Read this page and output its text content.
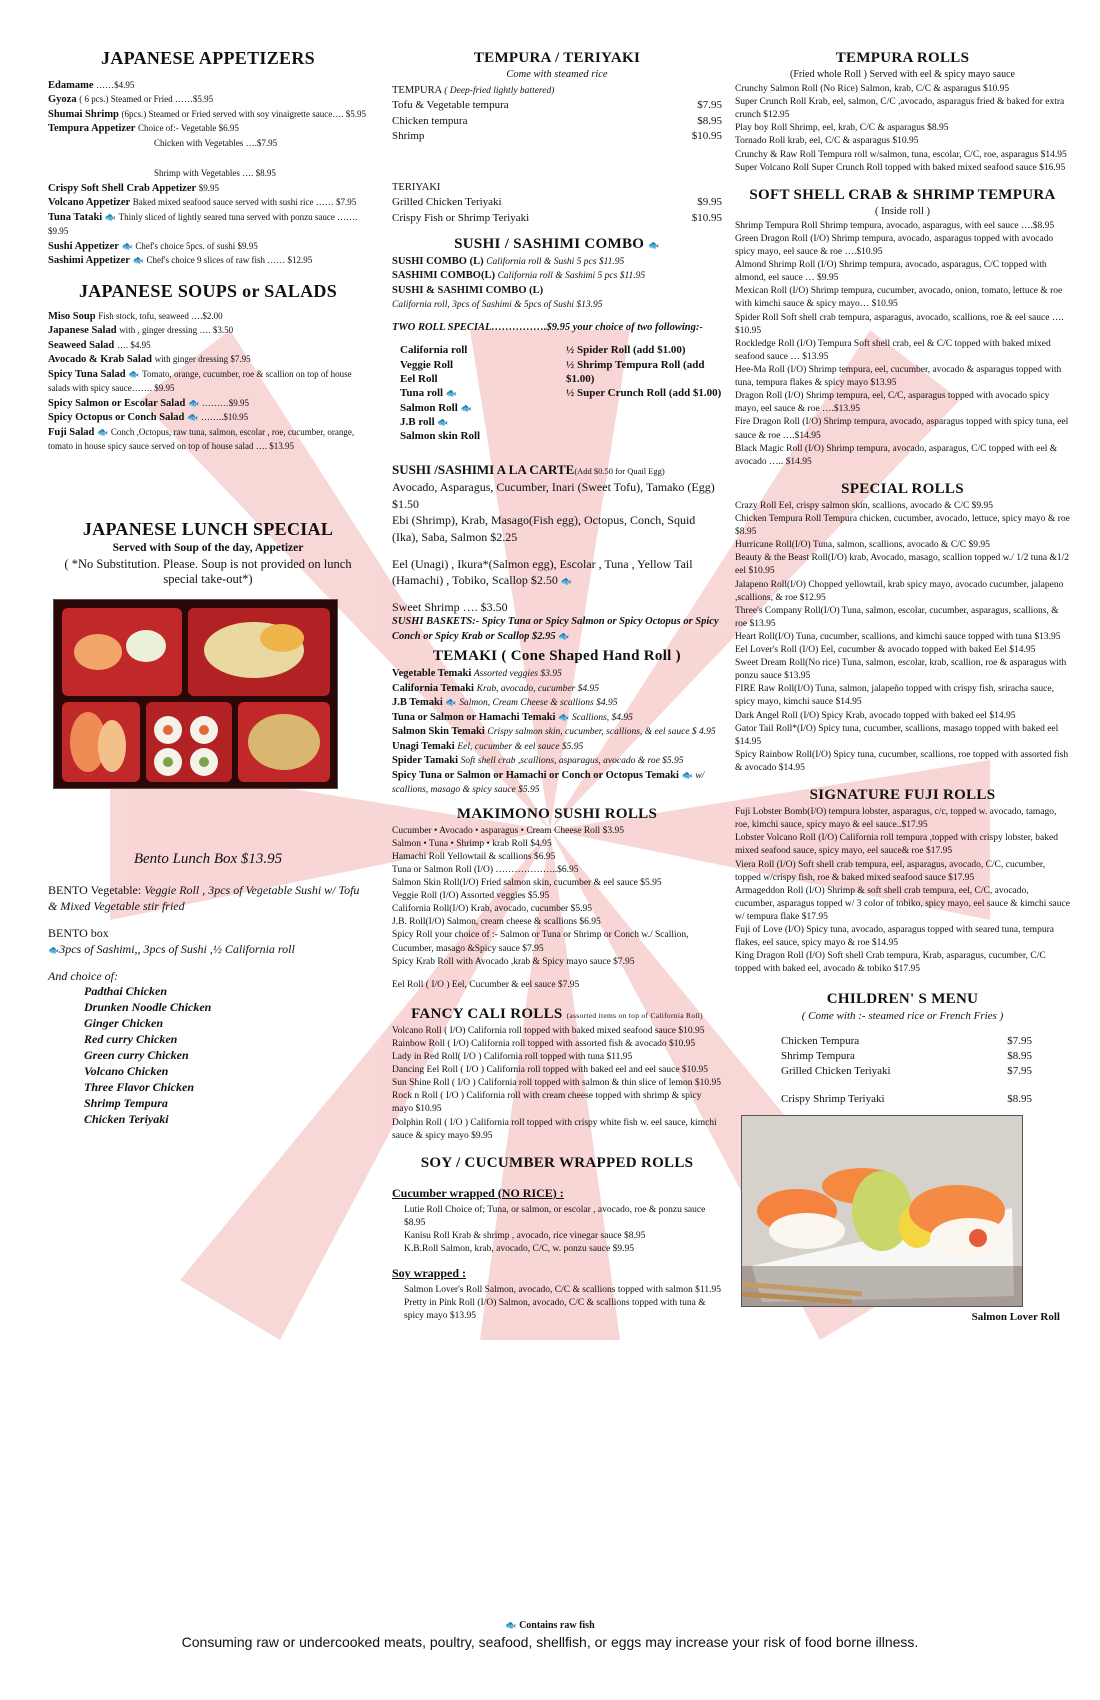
JAPANESE APPETIZERS

Edamame ……$4.95

Gyoza ( 6 pcs.) Steamed or Fried ……$5.95

Shumai Shrimp (6pcs.) Steamed or Fried served with soy vinaigrette sauce…. $5.95

Tempura Appetizer Choice of:- Vegetable $6.95

Chicken with Vegetables ….$7.95

Shrimp with Vegetables …. $8.95

Crispy Soft Shell Crab Appetizer $9.95

Volcano Appetizer Baked mixed seafood sauce served with sushi rice …… $7.95

Tuna Tataki 🐟 Thinly sliced of lightly seared tuna served with ponzu sauce ……. $9.95

Sushi Appetizer 🐟 Chef's choice 5pcs. of sushi $9.95

Sashimi Appetizer 🐟 Chef's choice 9 slices of raw fish …… $12.95

JAPANESE SOUPS or SALADS

Miso Soup Fish stock, tofu, seaweed ….$2.00

Japanese Salad with , ginger dressing …. $3.50

Seaweed Salad …. $4.95

Avocado & Krab Salad with ginger dressing $7.95

Spicy Tuna Salad 🐟 Tomato, orange, cucumber, roe & scallion on top of house salads with spicy sauce……. $9.95

Spicy Salmon or Escolar Salad 🐟 ………$9.95

Spicy Octopus or Conch Salad 🐟 ……..$10.95

Fuji Salad 🐟 Conch ,Octopus, raw tuna, salmon, escolar , roe, cucumber, orange, tomato in house spicy sauce served on top of house salad …. $13.95

JAPANESE LUNCH SPECIAL
Served with Soup of the day, Appetizer
( *No Substitution. Please. Soup is not provided on lunch special take-out*)
Bento Lunch Box $13.95

BENTO Vegetable: Veggie Roll , 3pcs of Vegetable Sushi w/ Tofu & Mixed Vegetable stir fried

BENTO box

🐟3pcs of Sashimi,, 3pcs of Sushi ,½ California roll

And choice of:

Padthai Chicken
Drunken Noodle Chicken
Ginger Chicken
Red curry Chicken
Green curry Chicken
Volcano Chicken
Three Flavor Chicken
Shrimp Tempura
Chicken Teriyaki
TEMPURA / TERIYAKI
Come with steamed rice

TEMPURA ( Deep-fried lightly battered)

Tofu & Vegetable tempura	$7.95
Chicken tempura	$8.95
Shrimp	$10.95

TERIYAKI

Grilled Chicken Teriyaki	$9.95
Crispy Fish or Shrimp Teriyaki	$10.95
SUSHI / SASHIMI COMBO 🐟

SUSHI COMBO (L) California roll & Sushi 5 pcs $11.95

SASHIMI COMBO(L) California roll & Sashimi 5 pcs $11.95

SUSHI & SASHIMI COMBO (L)

California roll, 3pcs of Sashimi & 5pcs of Sushi $13.95

TWO ROLL SPECIAL…………….$9.95 your choice of two following:-

California roll
Veggie Roll
Eel Roll
Tuna roll 🐟
Salmon Roll 🐟
J.B roll 🐟
Salmon skin Roll
½ Spider Roll (add $1.00)
½ Shrimp Tempura Roll (add $1.00)
½ Super Crunch Roll (add $1.00)

SUSHI /SASHIMI A LA CARTE(Add $0.50 for Quail Egg)

Avocado, Asparagus, Cucumber, Inari (Sweet Tofu), Tamako (Egg) $1.50

Ebi (Shrimp), Krab, Masago(Fish egg), Octopus, Conch, Squid (Ika), Saba, Salmon $2.25

Eel (Unagi) , Ikura*(Salmon egg), Escolar , Tuna , Yellow Tail (Hamachi) , Tobiko, Scallop $2.50 🐟

Sweet Shrimp …. $3.50

SUSHI BASKETS:- Spicy Tuna or Spicy Salmon or Spicy Octopus or Spicy Conch or Spicy Krab or Scallop $2.95 🐟

TEMAKI ( Cone Shaped Hand Roll )

Vegetable Temaki Assorted veggies $3.95

California Temaki Krab, avocado, cucumber $4.95

J.B Temaki 🐟 Salmon, Cream Cheese & scallions $4.95

Tuna or Salmon or Hamachi Temaki 🐟 Scallions, $4.95

Salmon Skin Temaki Crispy salmon skin, cucumber, scallions, & eel sauce $ 4.95

Unagi Temaki Eel, cucumber & eel sauce $5.95

Spider Tamaki Soft shell crab ,scallions, asparagus, avocado & roe $5.95

Spicy Tuna or Salmon or Hamachi or Conch or Octopus Temaki 🐟 w/ scallions, masago & spicy sauce $5.95

MAKIMONO SUSHI ROLLS

Cucumber • Avocado • asparagus • Cream Cheese Roll $3.95

Salmon • Tuna • Shrimp • krab Roll $4.95

Hamachi Roll Yellowtail & scallions $6.95

Tuna or Salmon Roll (I/O) ………………..$6.95

Salmon Skin Roll(I/O) Fried salmon skin, cucumber & eel sauce $5.95

Veggie Roll (I/O) Assorted veggies $5.95

California Roll(I/O) Krab, avocado, cucumber $5.95

J.B. Roll(I/O) Salmon, cream cheese & scallions $6.95

Spicy Roll your choice of :- Salmon or Tuna or Shrimp or Conch w./ Scallion, Cucumber, masago &Spicy sauce $7.95

Spicy Krab Roll with Avocado ,krab & Spicy mayo sauce $7.95

Eel Roll ( I/O ) Eel, Cucumber & eel sauce $7.95

FANCY CALI ROLLS (assorted items on top of California Roll)

Volcano Roll ( I/O) California roll topped with baked mixed seafood sauce $10.95

Rainbow Roll ( I/O) California roll topped with assorted fish & avocado $10.95

Lady in Red Roll( I/O ) California roll topped with tuna $11.95

Dancing Eel Roll ( I/O ) California roll topped with baked eel and eel sauce $10.95

Sun Shine Roll ( I/O ) California roll topped with salmon & thin slice of lemon $10.95

Rock n Roll ( I/O ) California roll with cream cheese topped with shrimp & spicy mayo $10.95

Dolphin Roll ( I/O ) California roll topped with crispy white fish w. eel sauce, kimchi sauce & spicy mayo $9.95

SOY / CUCUMBER WRAPPED ROLLS
Cucumber wrapped (NO RICE) :

Lutie Roll Choice of; Tuna, or salmon, or escolar , avocado, roe & ponzu sauce $8.95

Kanisu Roll Krab & shrimp , avocado, rice vinegar sauce $8.95

K.B.Roll Salmon, krab, avocado, C/C, w. ponzu sauce $9.95

Soy wrapped :

Salmon Lover's Roll Salmon, avocado, C/C & scallions topped with salmon $11.95

Pretty in Pink Roll (I/O) Salmon, avocado, C/C & scallions topped with tuna & spicy mayo $13.95

TEMPURA ROLLS
(Fried whole Roll ) Served with eel & spicy mayo sauce

Crunchy Salmon Roll (No Rice) Salmon, krab, C/C & asparagus $10.95

Super Crunch Roll Krab, eel, salmon, C/C ,avocado, asparagus fried & baked for extra crunch $12.95

Play boy Roll Shrimp, eel, krab, C/C & asparagus $8.95

Tornado Roll krab, eel, C/C & asparagus $10.95

Crunchy & Raw Roll Tempura roll w/salmon, tuna, escolar, C/C, roe, asparagus $14.95

Super Volcano Roll Super Crunch Roll topped with baked mixed seafood sauce $16.95

SOFT SHELL CRAB & SHRIMP TEMPURA
( Inside roll )

Shrimp Tempura Roll Shrimp tempura, avocado, asparagus, with eel sauce ….$8.95

Green Dragon Roll (I/O) Shrimp tempura, avocado, asparagus topped with avocado spicy mayo, eel sauce & roe ….$10.95

Almond Shrimp Roll (I/O) Shrimp tempura, avocado, asparagus, C/C topped with almond, eel sauce … $9.95

Mexican Roll (I/O) Shrimp tempura, cucumber, avocado, onion, tomato, lettuce & roe with kimchi sauce & spicy mayo… $10.95

Spider Roll Soft shell crab tempura, asparagus, avocado, scallions, roe & eel sauce …. $10.95

Rockledge Roll (I/O) Tempura Soft shell crab, eel & C/C topped with baked mixed seafood sauce … $13.95

Hee-Ma Roll (I/O) Shrimp tempura, eel, cucumber, avocado & asparagus topped with tuna, tempura flakes & spicy mayo $13.95

Dragon Roll (I/O) Shrimp tempura, eel, C/C, asparagus topped with avocado spicy mayo, eel sauce & roe ….$13.95

Fire Dragon Roll (I/O) Shrimp tempura, avocado, asparagus topped with spicy tuna, eel sauce & roe ….$14.95

Black Magic Roll (I/O) Shrimp tempura, avocado, asparagus, C/C topped with eel & avocado ….. $14.95

SPECIAL ROLLS

Crazy Roll Eel, crispy salmon skin, scallions, avocado & C/C $9.95

Chicken Tempura Roll Tempura chicken, cucumber, avocado, lettuce, spicy mayo & roe $8.95

Hurricane Roll(I/O) Tuna, salmon, scallions, avocado & C/C $9.95

Beauty & the Beast Roll(I/O) krab, Avocado, masago, scallion topped w./ 1/2 tuna &1/2 eel $10.95

Jalapeno Roll(I/O) Chopped yellowtail, krab spicy mayo, avocado cucumber, jalapeno ,scallions, & roe $12.95

Three's Company Roll(I/O) Tuna, salmon, escolar, cucumber, asparagus, scallions, & roe $13.95

Heart Roll(I/O) Tuna, cucumber, scallions, and kimchi sauce topped with tuna $13.95

Eel Lover's Roll (I/O) Eel, cucumber & avocado topped with baked Eel $14.95

Sweet Dream Roll(No rice) Tuna, salmon, escolar, krab, scallion, roe & asparagus with ponzu sauce $13.95

FIRE Raw Roll(I/O) Tuna, salmon, jalapeño topped with crispy fish, sriracha sauce, spicy mayo, kimchi sauce $14.95

Dark Angel Roll (I/O) Spicy Krab, avocado topped with baked eel $14.95

Gator Tail Roll*(I/O) Spicy tuna, cucumber, scallions, masago topped with baked eel $14.95

Spicy Rainbow Roll(I/O) Spicy tuna, cucumber, scallions, roe topped with assorted fish & avocado $14.95

SIGNATURE FUJI ROLLS

Fuji Lobster Bomb(I/O) tempura lobster, asparagus, c/c, topped w. avocado, tamago, roe, kimchi sauce, spicy mayo & eel sauce..$17.95

Lobster Volcano Roll (I/O) California roll tempura ,topped with crispy lobster, baked mixed seafood sauce, spicy mayo, eel sauce& roe $17.95

Viera Roll (I/O) Soft shell crab tempura, eel, asparagus, avocado, C/C, cucumber, topped w/crispy fish, roe & baked mixed seafood sauce $17.95

Armageddon Roll (I/O) Shrimp & soft shell crab tempura, eel, C/C, avocado, cucumber, asparagus topped w/ 3 color of tobiko, spicy mayo, eel sauce & kimchi sauce w/ tempura flake $17.95

Fuji of Love (I/O) Spicy tuna, avocado, asparagus topped with seared tuna, tempura flakes, eel sauce, spicy mayo & roe $14.95

King Dragon Roll (I/O) Soft shell Crab tempura, Krab, asparagus, cucumber, C/C topped with baked eel, avocado & tobiko $17.95

CHILDREN' S MENU
( Come with :- steamed rice or French Fries )
Chicken Tempura	$7.95
Shrimp Tempura	$8.95
Grilled Chicken Teriyaki	$7.95
Crispy Shrimp Teriyaki	$8.95
Salmon Lover Roll
🐟 Contains raw fish
Consuming raw or undercooked meats, poultry, seafood, shellfish, or eggs may increase your risk of food borne illness.
